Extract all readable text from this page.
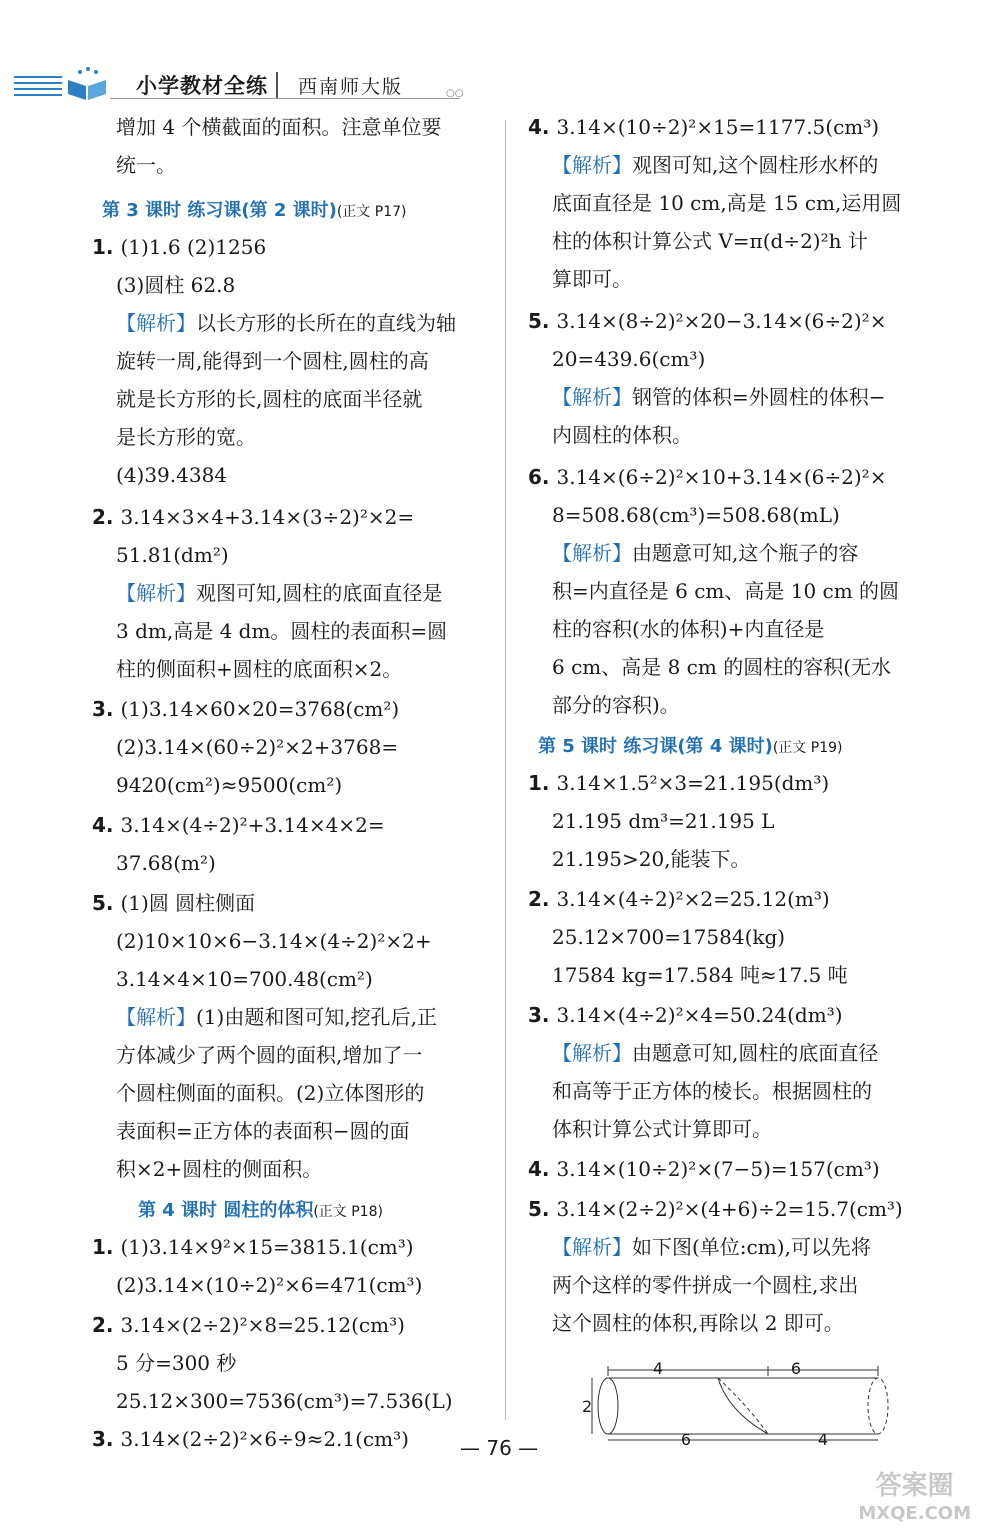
小学教材全练 西南师大版	○○
增加 4 个横截面的面积。注意单位要
统一。
第 3 课时 练习课(第 2 课时)(正文 P17)
1. (1)1.6 (2)1256
(3)圆柱 62.8
【解析】以长方形的长所在的直线为轴
旋转一周,能得到一个圆柱,圆柱的高
就是长方形的长,圆柱的底面半径就
是长方形的宽。
(4)39.4384
2. 3.14×3×4+3.14×(3÷2)²×2=
51.81(dm²)
【解析】观图可知,圆柱的底面直径是
3 dm,高是 4 dm。圆柱的表面积=圆
柱的侧面积+圆柱的底面积×2。
3. (1)3.14×60×20=3768(cm²)
(2)3.14×(60÷2)²×2+3768=
9420(cm²)≈9500(cm²)
4. 3.14×(4÷2)²+3.14×4×2=
37.68(m²)
5. (1)圆 圆柱侧面
(2)10×10×6−3.14×(4÷2)²×2+
3.14×4×10=700.48(cm²)
【解析】(1)由题和图可知,挖孔后,正
方体减少了两个圆的面积,增加了一
个圆柱侧面的面积。(2)立体图形的
表面积=正方体的表面积−圆的面
积×2+圆柱的侧面积。
第 4 课时 圆柱的体积(正文 P18)
1. (1)3.14×9²×15=3815.1(cm³)
(2)3.14×(10÷2)²×6=471(cm³)
2. 3.14×(2÷2)²×8=25.12(cm³)
5 分=300 秒
25.12×300=7536(cm³)=7.536(L)
3. 3.14×(2÷2)²×6÷9≈2.1(cm³)
4. 3.14×(10÷2)²×15=1177.5(cm³)
【解析】观图可知,这个圆柱形水杯的
底面直径是 10 cm,高是 15 cm,运用圆
柱的体积计算公式 V=π(d÷2)²h 计
算即可。
5. 3.14×(8÷2)²×20−3.14×(6÷2)²×
20=439.6(cm³)
【解析】钢管的体积=外圆柱的体积−
内圆柱的体积。
6. 3.14×(6÷2)²×10+3.14×(6÷2)²×
8=508.68(cm³)=508.68(mL)
【解析】由题意可知,这个瓶子的容
积=内直径是 6 cm、高是 10 cm 的圆
柱的容积(水的体积)+内直径是
6 cm、高是 8 cm 的圆柱的容积(无水
部分的容积)。
第 5 课时 练习课(第 4 课时)(正文 P19)
1. 3.14×1.5²×3=21.195(dm³)
21.195 dm³=21.195 L
21.195>20,能装下。
2. 3.14×(4÷2)²×2=25.12(m³)
25.12×700=17584(kg)
17584 kg=17.584 吨≈17.5 吨
3. 3.14×(4÷2)²×4=50.24(dm³)
【解析】由题意可知,圆柱的底面直径
和高等于正方体的棱长。根据圆柱的
体积计算公式计算即可。
4. 3.14×(10÷2)²×(7−5)=157(cm³)
5. 3.14×(2÷2)²×(4+6)÷2=15.7(cm³)
【解析】如下图(单位:cm),可以先将
两个这样的零件拼成一个圆柱,求出
这个圆柱的体积,再除以 2 即可。
4	6
2
6	4
— 76 —
答案圈
MXQE.COM
